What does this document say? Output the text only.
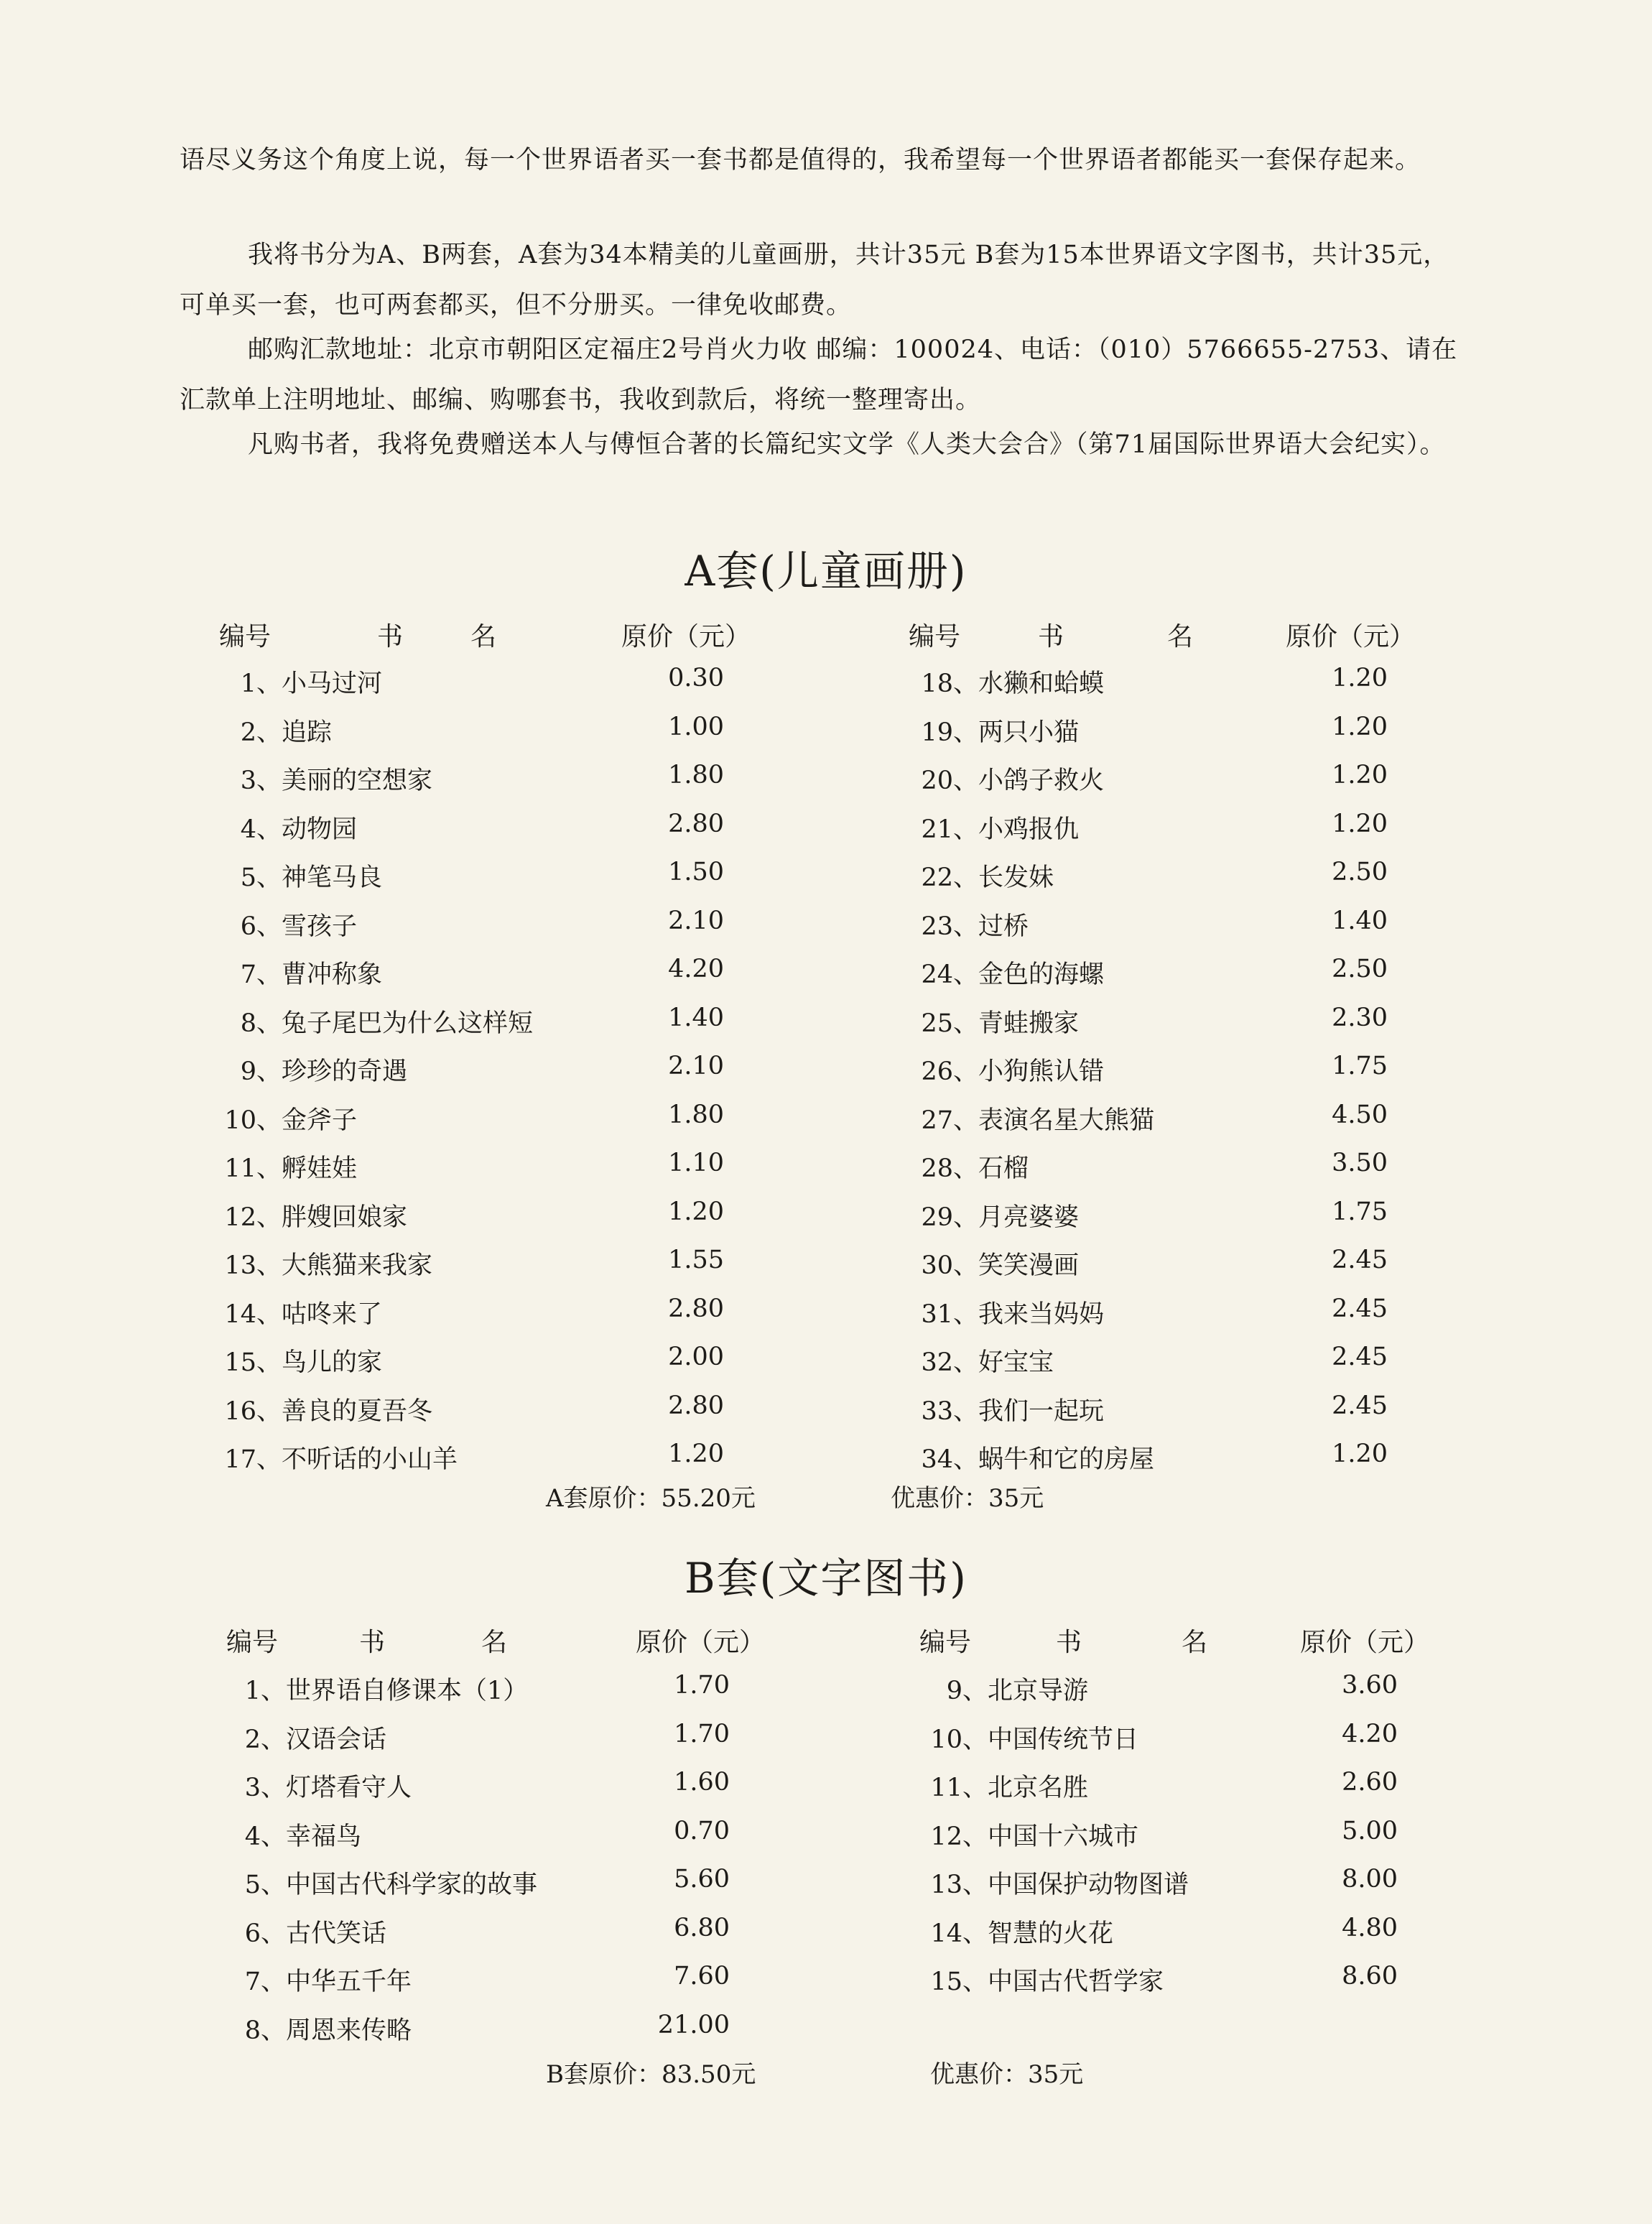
语尽义务这个角度上说，每一个世界语者买一套书都是值得的，我希望每一个世界语者都能买一套保存起来。

我将书分为A、B两套，A套为34本精美的儿童画册，共计35元 B套为15本世界语文字图书，共计35元，可单买一套，也可两套都买，但不分册买。一律免收邮费。

邮购汇款地址：北京市朝阳区定福庄2号肖火力收 邮编：100024、电话：（010）5766655-2753、请在汇款单上注明地址、邮编、购哪套书，我收到款后，将统一整理寄出。

凡购书者，我将免费赠送本人与傅恒合著的长篇纪实文学《人类大会合》（第71届国际世界语大会纪实）。

A套(儿童画册)
编号	书	名	原价（元）	编号	书	名	原价（元）
1、 小马过河	0.30
2、 追踪	1.00
3、 美丽的空想家	1.80
4、 动物园	2.80
5、 神笔马良	1.50
6、 雪孩子	2.10
7、 曹冲称象	4.20
8、 兔子尾巴为什么这样短	1.40
9、 珍珍的奇遇	2.10
10、 金斧子	1.80
11、 孵娃娃	1.10
12、 胖嫂回娘家	1.20
13、 大熊猫来我家	1.55
14、 咕咚来了	2.80
15、 鸟儿的家	2.00
16、 善良的夏吾冬	2.80
17、 不听话的小山羊	1.20
18、 水獭和蛤蟆	1.20
19、 两只小猫	1.20
20、 小鸽子救火	1.20
21、 小鸡报仇	1.20
22、 长发妹	2.50
23、 过桥	1.40
24、 金色的海螺	2.50
25、 青蛙搬家	2.30
26、 小狗熊认错	1.75
27、 表演名星大熊猫	4.50
28、 石榴	3.50
29、 月亮婆婆	1.75
30、 笑笑漫画	2.45
31、 我来当妈妈	2.45
32、 好宝宝	2.45
33、 我们一起玩	2.45
34、 蜗牛和它的房屋	1.20
A套原价：55.20元	优惠价：35元
B套(文字图书)
编号	书	名	原价（元）	编号	书	名	原价（元）
1、 世界语自修课本（1）	1.70
2、 汉语会话	1.70
3、 灯塔看守人	1.60
4、 幸福鸟	0.70
5、 中国古代科学家的故事	5.60
6、 古代笑话	6.80
7、 中华五千年	7.60
8、 周恩来传略	21.00
9、 北京导游	3.60
10、 中国传统节日	4.20
11、 北京名胜	2.60
12、 中国十六城市	5.00
13、 中国保护动物图谱	8.00
14、 智慧的火花	4.80
15、 中国古代哲学家	8.60
B套原价：83.50元	优惠价：35元
